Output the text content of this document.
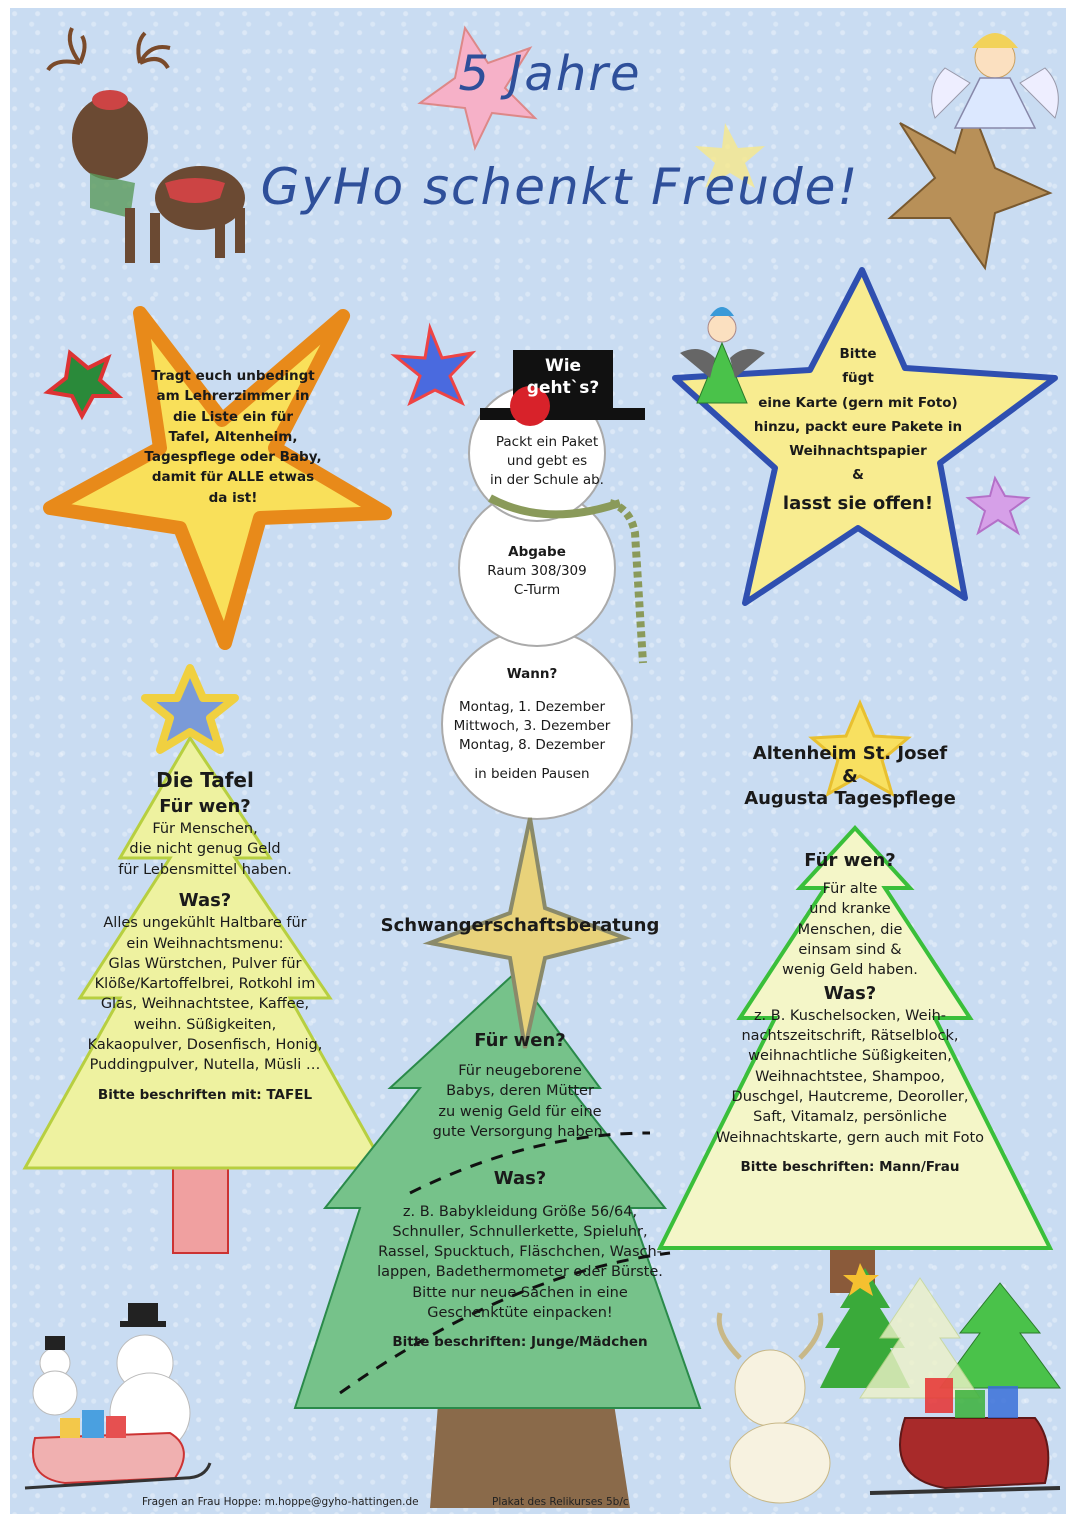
5 Jahre
GyHo schenkt Freude!
Tragt euch unbedingt
am Lehrerzimmer in
die Liste ein für
Tafel, Altenheim,
Tagespflege oder Baby,
damit für ALLE etwas
da ist!
Wie
geht`s?
Packt ein Paket
und gebt es
in der Schule ab.
Abgabe
Raum 308/309
C-Turm
Wann?
Montag, 1. Dezember
Mittwoch, 3. Dezember
Montag, 8. Dezember
in beiden Pausen
Bitte
fügt
eine Karte (gern mit Foto)
hinzu, packt eure Pakete in
Weihnachtspapier
&
lasst sie offen!
Die Tafel
Für wen?
Für Menschen,
die nicht genug Geld
für Lebensmittel haben.
Was?
Alles ungekühlt Haltbare für
ein Weihnachtsmenu:
Glas Würstchen, Pulver für
Klöße/Kartoffelbrei, Rotkohl im
Glas, Weihnachtstee, Kaffee,
weihn. Süßigkeiten,
Kakaopulver, Dosenfisch, Honig,
Puddingpulver, Nutella, Müsli …
Bitte beschriften mit: TAFEL
Schwangerschaftsberatung
Für wen?
Für neugeborene
Babys, deren Mütter
zu wenig Geld für eine
gute Versorgung haben.
Was?
z. B. Babykleidung Größe 56/64,
Schnuller, Schnullerkette, Spieluhr,
Rassel, Spucktuch, Fläschchen, Wasch-
lappen, Badethermometer oder Bürste.
Bitte nur neue Sachen in eine
Geschenktüte einpacken!
Bitte beschriften: Junge/Mädchen
Altenheim St. Josef
&
Augusta Tagespflege
Für wen?
Für alte
und kranke
Menschen, die
einsam sind &
wenig Geld haben.
Was?
z. B. Kuschelsocken, Weih-
nachtszeitschrift, Rätselblock,
weihnachtliche Süßigkeiten,
Weihnachtstee, Shampoo,
Duschgel, Hautcreme, Deoroller,
Saft, Vitamalz, persönliche
Weihnachtskarte, gern auch mit Foto
Bitte beschriften: Mann/Frau
Fragen an Frau Hoppe: m.hoppe@gyho-hattingen.de	Plakat des Relikurses 5b/c
